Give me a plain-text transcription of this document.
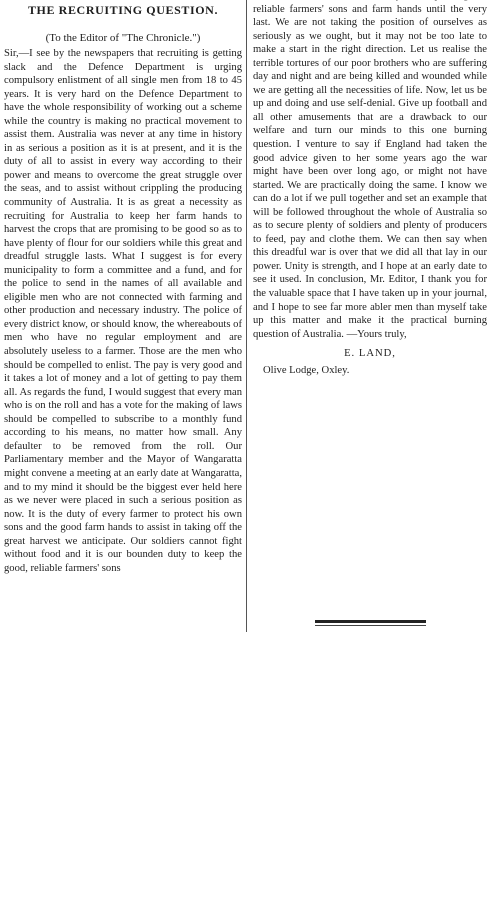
THE RECRUITING QUESTION.
(To the Editor of "The Chronicle.")

Sir,—I see by the newspapers that recruiting is getting slack and the Defence Department is urging compulsory enlistment of all single men from 18 to 45 years. It is very hard on the Defence Department to have the whole responsibility of working out a scheme while the country is making no practical movement to assist them. Australia was never at any time in history in as serious a position as it is at present, and it is the duty of all to assist in every way according to their power and means to overcome the great struggle over the seas, and to assist without crippling the producing community of Australia. It is as great a necessity as recruiting for Australia to keep her farm hands to harvest the crops that are promising to be good so as to have plenty of flour for our soldiers while this great and dreadful struggle lasts. What I suggest is for every municipality to form a committee and a fund, and for the police to send in the names of all available and eligible men who are not connected with farming and other production and necessary industry. The police of every district know, or should know, the whereabouts of men who have no regular employment and are absolutely useless to a farmer. Those are the men who should be compelled to enlist. The pay is very good and it takes a lot of money and a lot of getting to pay them all. As regards the fund, I would suggest that every man who is on the roll and has a vote for the making of laws should be compelled to subscribe to a monthly fund according to his means, no matter how small. Any defaulter to be removed from the roll. Our Parliamentary member and the Mayor of Wangaratta might convene a meeting at an early date at Wangaratta, and to my mind it should be the biggest ever held here as we never were placed in such a serious position as now. It is the duty of every farmer to protect his own sons and the good farm hands to assist in taking off the great harvest we anticipate. Our soldiers cannot fight without food and it is our bounden duty to keep the good, reliable farmers' sons

reliable farmers' sons and farm hands until the very last. We are not taking the position of ourselves as seriously as we ought, but it may not be too late to make a start in the right direction. Let us realise the terrible tortures of our poor brothers who are suffering day and night and are being killed and wounded while we are getting all the necessities of life. Now, let us be up and doing and use self-denial. Give up football and all other amusements that are a drawback to our welfare and turn our minds to this one burning question. I venture to say if England had taken the good advice given to her some years ago the war might have been over long ago, or might not have started. We are practically doing the same. I know we can do a lot if we pull together and set an example that will be followed throughout the whole of Australia so as to secure plenty of soldiers and plenty of producers to feed, pay and clothe them. We can then say when this dreadful war is over that we did all that lay in our power. Unity is strength, and I hope at an early date to see it used. In conclusion, Mr. Editor, I thank you for the valuable space that I have taken up in your journal, and I hope to see far more abler men than myself take up this matter and make it the practical burning question of Australia. —Yours truly,

E. LAND,

Olive Lodge, Oxley.
